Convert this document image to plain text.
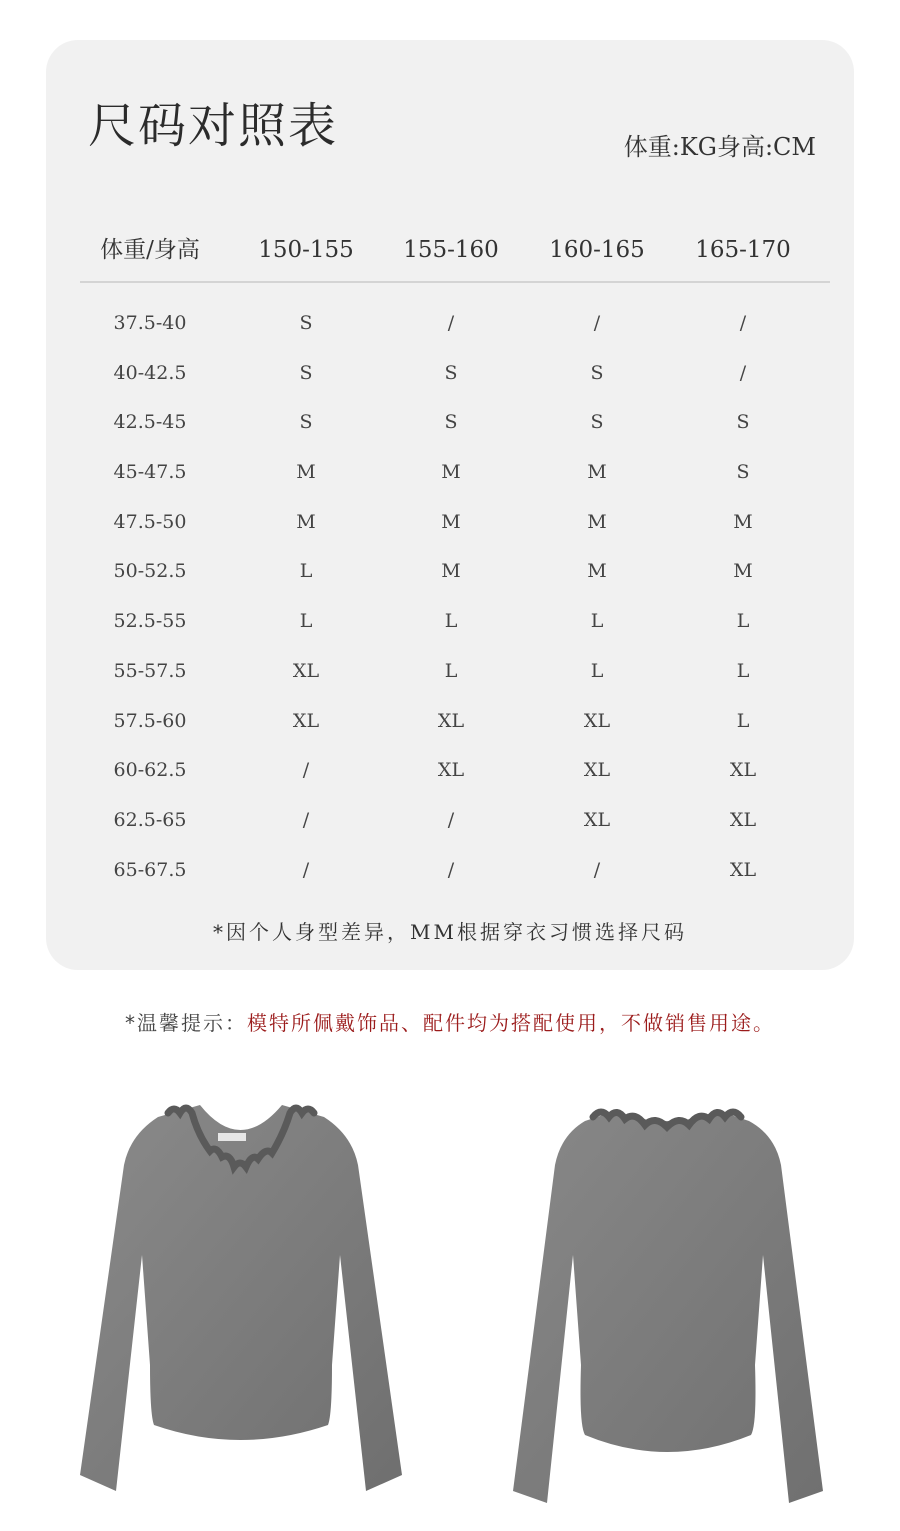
尺码对照表	体重:KG身高:CM
体重/身高	150-155 155-160 160-165 165-170
37.5-40	S	/	/	/
40-42.5	S	S	S	/
42.5-45	S	S	S	S
45-47.5	M	M	M	S
47.5-50	M	M	M	M
50-52.5	L	M	M	M
52.5-55	L	L	L	L
55-57.5	XL	L	L	L
57.5-60	XL	XL	XL	L
60-62.5	/	XL	XL	XL
62.5-65	/	/	XL	XL
65-67.5	/	/	/	XL
*因个人身型差异，MM根据穿衣习惯选择尺码
*温馨提示：模特所佩戴饰品、配件均为搭配使用，不做销售用途。
